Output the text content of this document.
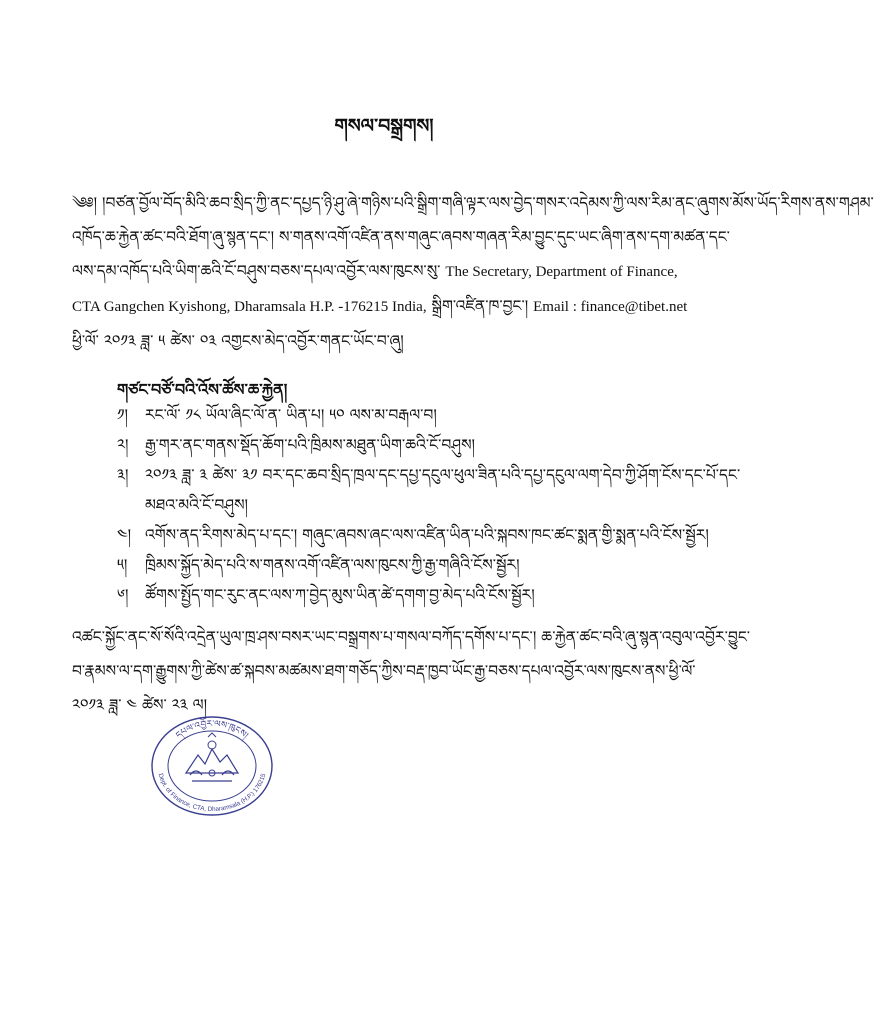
གསལ་བསྒྲགས།
༄༅། །བཙན་བྱོལ་བོད་མིའི་ཆབ་སྲིད་ཀྱི་ནང་དཔྱད་ཉི་ཤུ་ཞེ་གཉིས་པའི་སྒྲིག་གཞི་ལྟར་ལས་བྱེད་གསར་འདེམས་ཀྱི་ལས་རིམ་ནང་ཞུགས་མོས་ཡོད་རིགས་ནས་གཤམ་
འཁོད་ཆ་རྐྱེན་ཚང་བའི་ཐོག་ཞུ་སྙན་དང་། ས་གནས་འགོ་འཛིན་ནས་གཞུང་ཞབས་གཞན་རིམ་བྱུང་དུང་ཡང་ཞིག་ནས་དག་མཚན་དང་
ལས་དམ་འཁོད་པའི་ཡིག་ཆའི་ངོ་བཤུས་བཅས་དཔལ་འབྱོར་ལས་ཁུངས་སུ་ The Secretary, Department of Finance,
CTA Gangchen Kyishong, Dharamsala H.P. -176215 India, སྒྲིག་འཛིན་ཁ་བྱང་། Email : finance@tibet.net
ཕྱི་ལོ་ ༢༠༡༣ ཟླ་ ༥ ཚེས་ ༠༣ འགྱངས་མེད་འབྱོར་གནང་ཡོང་བ་ཞུ།
གཙང་བཙོ་བའི་འོས་ཚོས་ཆ་རྐྱེན།
༡།	རང་ལོ་ ༡༨ ཡོལ་ཞིང་ལོ་ན་ ཡིན་པ། ༥༠ ལས་མ་བརྒལ་བ།
༢།	རྒྱ་གར་ནང་གནས་སྡོད་ཆོག་པའི་ཁྲིམས་མཐུན་ཡིག་ཆའི་ངོ་བཤུས།
༣།	༢༠༡༣ ཟླ་ ༣ ཚེས་ ༣༡ བར་དང་ཆབ་སྲིད་ཁྲལ་དང་དཔྱ་དངུལ་ཕུལ་ཟིན་པའི་དཔྱ་དངུལ་ལག་དེབ་ཀྱི་ཤོག་ངོས་དང་པོ་དང་
མཐའ་མའི་ངོ་བཤུས།
༤། འགོས་ནད་རིགས་མེད་པ་དང་། གཞུང་ཞབས་ཞང་ལས་འཛིན་ཡིན་པའི་སྐབས་ཁང་ཚང་སྨན་གྱི་སྨན་པའི་ངོས་སྦྱོར།
༥།	ཁྲིམས་སྐྱོད་མེད་པའི་ས་གནས་འགོ་འཛིན་ལས་ཁུངས་ཀྱི་རྒྱ་གཞིའི་ངོས་སྦྱོར།
༦།	ཚོགས་སྤྱོད་གང་རུང་ནང་ལས་ཀ་བྱེད་མུས་ཡིན་ཚེ་དགག་བྱ་མེད་པའི་ངོས་སྦྱོར།
འཚང་སྐྱོང་ནང་སོ་སོའི་འདྲེན་ཡུལ་ཁྲ་ཤས་བསར་ཡང་བསྒྲགས་པ་གསལ་བཀོད་དགོས་པ་དང་། ཆ་རྐྱེན་ཚང་བའི་ཞུ་སྙན་འབུལ་འབྱོར་བྱུང་
བ་རྣམས་ལ་དག་རྒྱུགས་ཀྱི་ཚེས་ཚ་སྐབས་མཚམས་ཐག་གཅོད་ཀྱིས་བརྡ་ཁྱབ་ཡོང་རྒྱ་བཅས་དཔལ་འབྱོར་ལས་ཁུངས་ནས་ཕྱི་ལོ་
༢༠༡༣ ཟླ་ ༤ ཚེས་ ༢༣ ལ།
དཔལ་འབྱོར་ལས་ཁུངས།
Dept. of Finance, CTA, Dharamsala (H.P.) 176215
